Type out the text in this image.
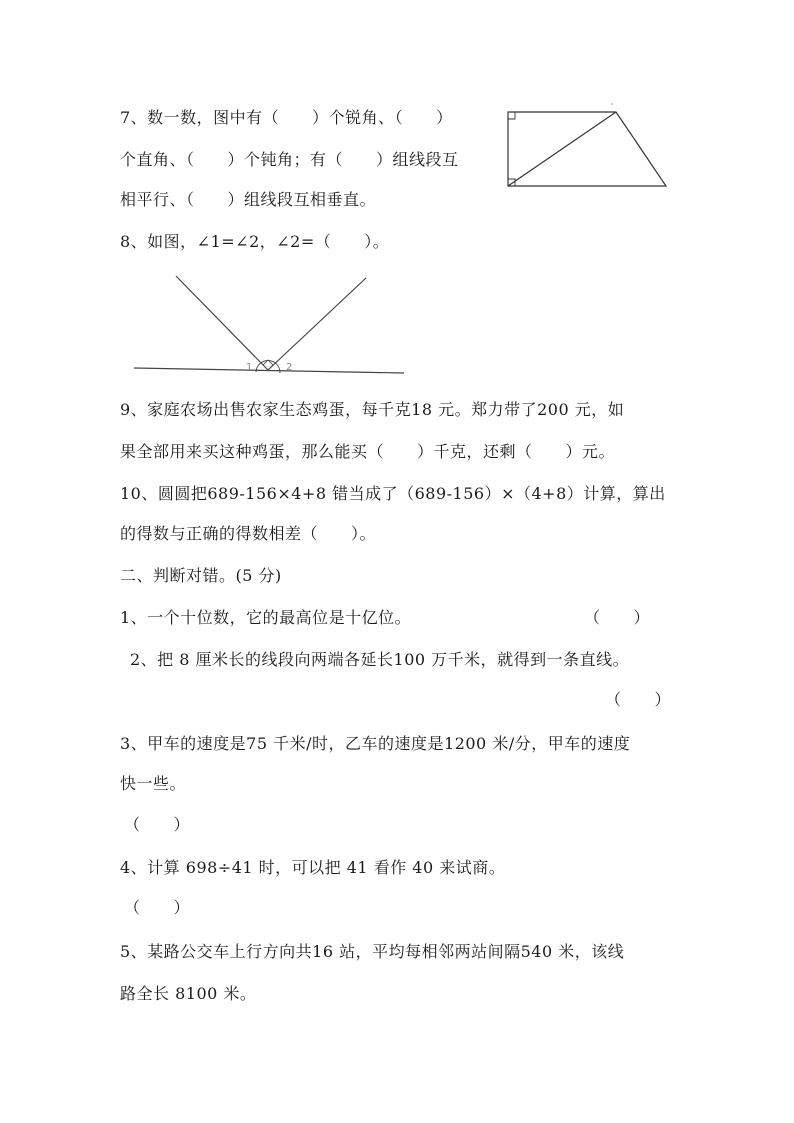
7、数一数，图中有（　　）个锐角、（　　）
个直角、（　　）个钝角；有（　　）组线段互
相平行、（　　）组线段互相垂直。
1	2
8、如图，∠1=∠2，∠2=（　　）。
9、家庭农场出售农家生态鸡蛋，每千克18 元。郑力带了200 元，如
果全部用来买这种鸡蛋，那么能买（　　）千克，还剩（　　）元。
10、圆圆把689-156×4+8 错当成了（689-156）×（4+8）计算，算出
的得数与正确的得数相差（　　）。
二、判断对错。(5 分)
1、一个十位数，它的最高位是十亿位。	（　　）
2、把 8 厘米长的线段向两端各延长100 万千米，就得到一条直线。
（　　）
3、甲车的速度是75 千米/时，乙车的速度是1200 米/分，甲车的速度
快一些。
（　　）
4、计算 698÷41 时，可以把 41 看作 40 来试商。
（　　）
5、某路公交车上行方向共16 站，平均每相邻两站间隔540 米，该线
路全长 8100 米。
